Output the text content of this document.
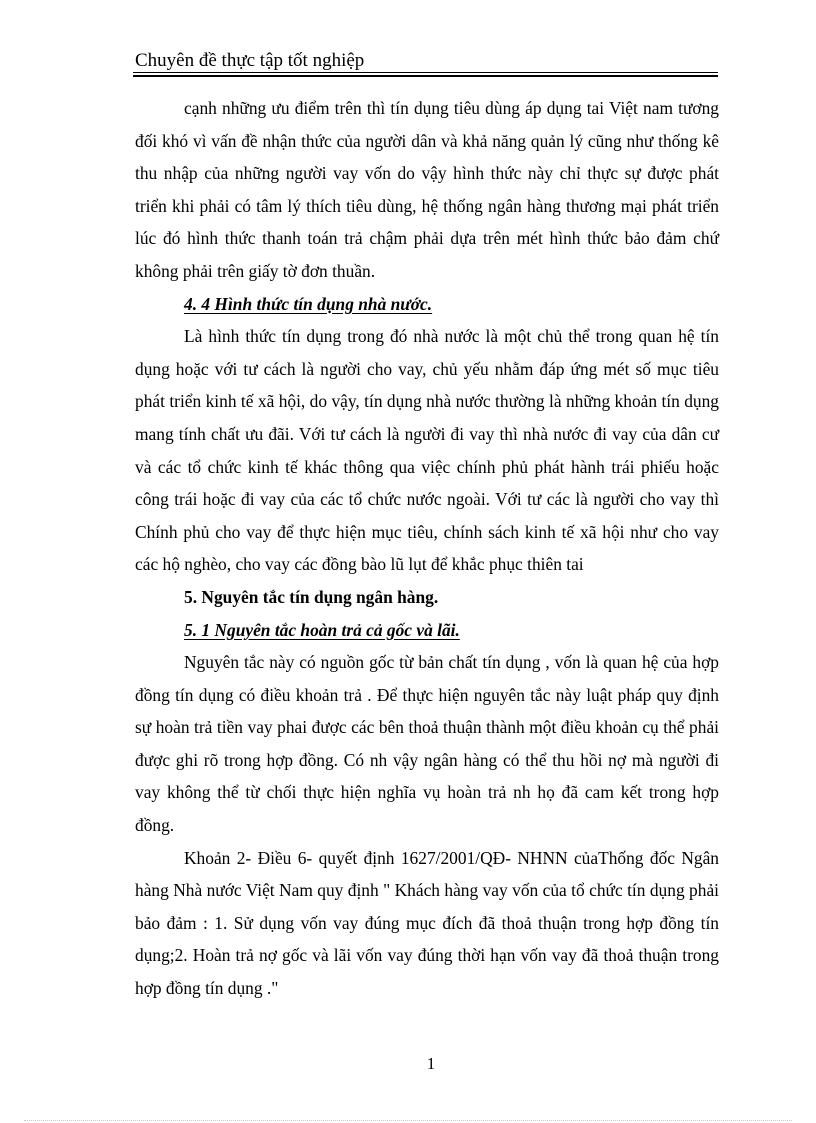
Chuyên đề thực tập tốt nghiệp

cạnh những ưu điểm trên thì tín dụng tiêu dùng áp dụng tai Việt nam tương đối khó vì vấn đề nhận thức của người dân và khả năng quản lý cũng như thống kê thu nhập của những người vay vốn do vậy hình thức này chỉ thực sự được phát triển khi phải có tâm lý thích tiêu dùng, hệ thống ngân hàng thương mại phát triển lúc đó hình thức thanh toán trả chậm phải dựa trên mét hình thức bảo đảm chứ không phải trên giấy tờ đơn thuần.

4. 4 Hình thức tín dụng nhà nước.

Là hình thức tín dụng trong đó nhà nước là một chủ thể trong quan hệ tín dụng hoặc với tư cách là người cho vay, chủ yếu nhằm đáp ứng mét số mục tiêu phát triển kinh tế xã hội, do vậy, tín dụng nhà nước thường là những khoản tín dụng mang tính chất ưu đãi. Với tư cách là người đi vay thì nhà nước đi vay của dân cư và các tổ chức kinh tế khác thông qua việc chính phủ phát hành trái phiếu hoặc công trái hoặc đi vay của các tổ chức nước ngoài. Với tư các là người cho vay thì Chính phủ cho vay để thực hiện mục tiêu, chính sách kinh tế xã hội như cho vay các hộ nghèo, cho vay các đồng bào lũ lụt để khắc phục thiên tai

5. Nguyên tắc tín dụng ngân hàng.
5. 1 Nguyên tắc hoàn trả cả gốc và lãi.

Nguyên tắc này có nguồn gốc từ bản chất tín dụng , vốn là quan hệ của hợp đồng tín dụng có điều khoản trả . Để thực hiện nguyên tắc này luật pháp quy định sự hoàn trả tiền vay phai được các bên thoả thuận thành một điều khoản cụ thể phải được ghi rõ trong hợp đồng. Có nh vậy ngân hàng có thể thu hồi nợ mà người đi vay không thể từ chối thực hiện nghĩa vụ hoàn trả nh họ đã cam kết trong hợp đồng.

Khoản 2- Điều 6- quyết định 1627/2001/QĐ- NHNN củaThống đốc Ngân hàng Nhà nước Việt Nam quy định " Khách hàng vay vốn của tổ chức tín dụng phải bảo đảm : 1. Sử dụng vốn vay đúng mục đích đã thoả thuận trong hợp đồng tín dụng;2. Hoàn trả nợ gốc và lãi vốn vay đúng thời hạn vốn vay đã thoả thuận trong hợp đồng tín dụng ."

1
